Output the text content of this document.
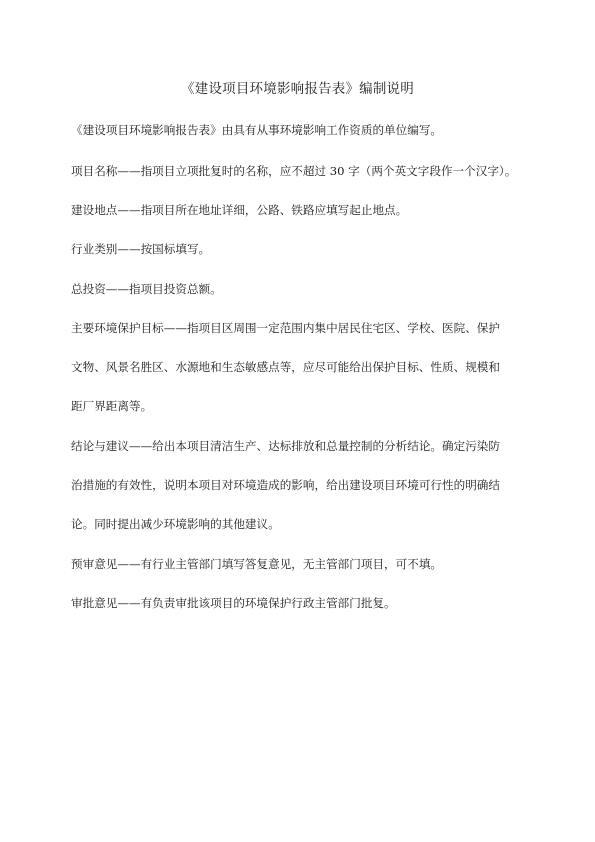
《建设项目环境影响报告表》编制说明

《建设项目环境影响报告表》由具有从事环境影响工作资质的单位编写。

项目名称——指项目立项批复时的名称，应不超过 30 字（两个英文字段作一个汉字）。

建设地点——指项目所在地址详细，公路、铁路应填写起止地点。

行业类别——按国标填写。

总投资——指项目投资总额。

主要环境保护目标——指项目区周围一定范围内集中居民住宅区、学校、医院、保护

文物、风景名胜区、水源地和生态敏感点等，应尽可能给出保护目标、性质、规模和

距厂界距离等。

结论与建议——给出本项目清洁生产、达标排放和总量控制的分析结论。确定污染防

治措施的有效性，说明本项目对环境造成的影响，给出建设项目环境可行性的明确结

论。同时提出减少环境影响的其他建议。

预审意见——有行业主管部门填写答复意见，无主管部门项目，可不填。

审批意见——有负责审批该项目的环境保护行政主管部门批复。
